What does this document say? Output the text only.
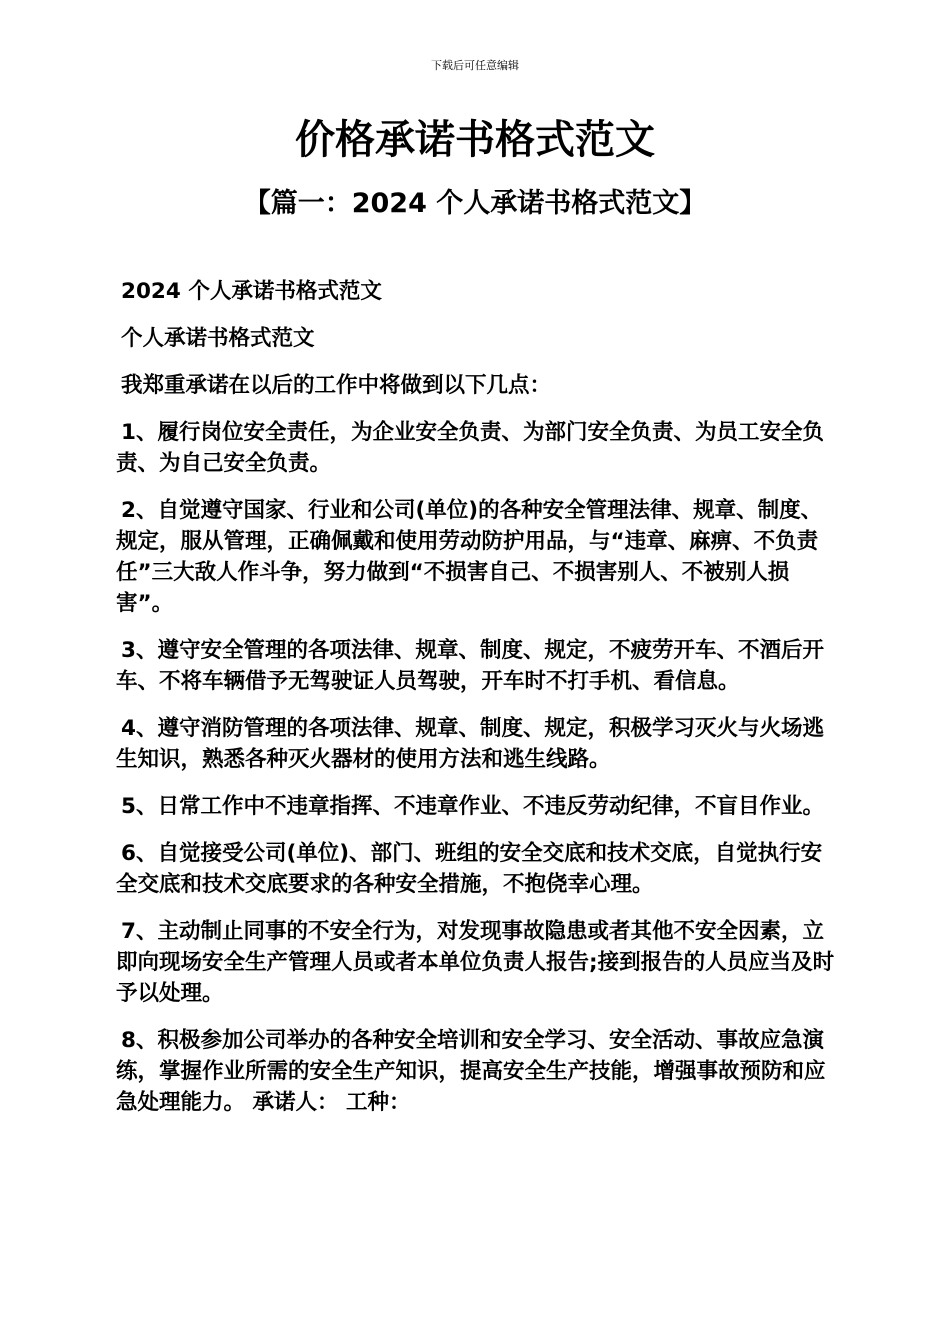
下载后可任意编辑
价格承诺书格式范文
【篇一：2024 个人承诺书格式范文】

2024 个人承诺书格式范文

个人承诺书格式范文

我郑重承诺在以后的工作中将做到以下几点：

1、履行岗位安全责任，为企业安全负责、为部门安全负责、为员工安全负责、为自己安全负责。

2、自觉遵守国家、行业和公司(单位)的各种安全管理法律、规章、制度、规定，服从管理，正确佩戴和使用劳动防护用品，与“违章、麻痹、不负责任”三大敌人作斗争，努力做到“不损害自己、不损害别人、不被别人损害”。

3、遵守安全管理的各项法律、规章、制度、规定，不疲劳开车、不酒后开车、不将车辆借予无驾驶证人员驾驶，开车时不打手机、看信息。

4、遵守消防管理的各项法律、规章、制度、规定，积极学习灭火与火场逃生知识，熟悉各种灭火器材的使用方法和逃生线路。

5、日常工作中不违章指挥、不违章作业、不违反劳动纪律，不盲目作业。

6、自觉接受公司(单位)、部门、班组的安全交底和技术交底，自觉执行安全交底和技术交底要求的各种安全措施，不抱侥幸心理。

7、主动制止同事的不安全行为，对发现事故隐患或者其他不安全因素，立即向现场安全生产管理人员或者本单位负责人报告;接到报告的人员应当及时予以处理。

8、积极参加公司举办的各种安全培训和安全学习、安全活动、事故应急演练，掌握作业所需的安全生产知识，提高安全生产技能，增强事故预防和应急处理能力。 承诺人： 工种：
